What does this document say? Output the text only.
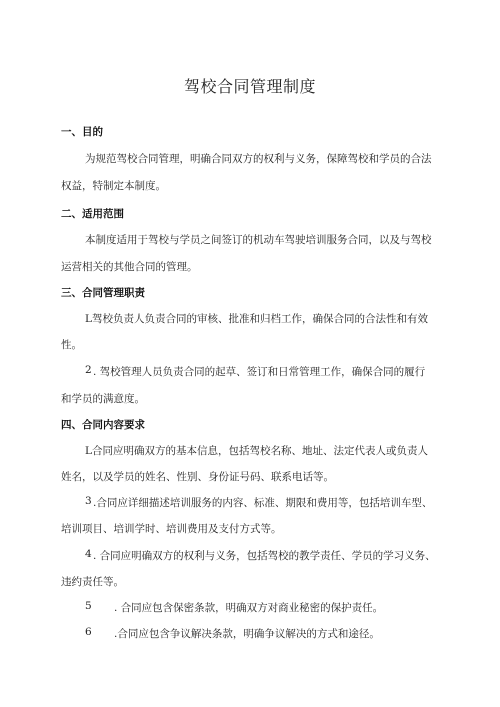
驾校合同管理制度
一、目的
为规范驾校合同管理，明确合同双方的权利与义务，保障驾校和学员的合法
权益，特制定本制度。
二、适用范围
本制度适用于驾校与学员之间签订的机动车驾驶培训服务合同，以及与驾校
运营相关的其他合同的管理。
三、合同管理职责
L驾校负责人负责合同的审核、批准和归档工作，确保合同的合法性和有效
性。
2 . 驾校管理人员负责合同的起草、签订和日常管理工作，确保合同的履行
和学员的满意度。
四、合同内容要求
L合同应明确双方的基本信息，包括驾校名称、地址、法定代表人或负责人
姓名，以及学员的姓名、性别、身份证号码、联系电话等。
3 .合同应详细描述培训服务的内容、标准、期限和费用等，包括培训车型、
培训项目、培训学时、培训费用及支付方式等。
4 . 合同应明确双方的权利与义务，包括驾校的教学责任、学员的学习义务、
违约责任等。
5 . 合同应包含保密条款，明确双方对商业秘密的保护责任。
6 .合同应包含争议解决条款，明确争议解决的方式和途径。
